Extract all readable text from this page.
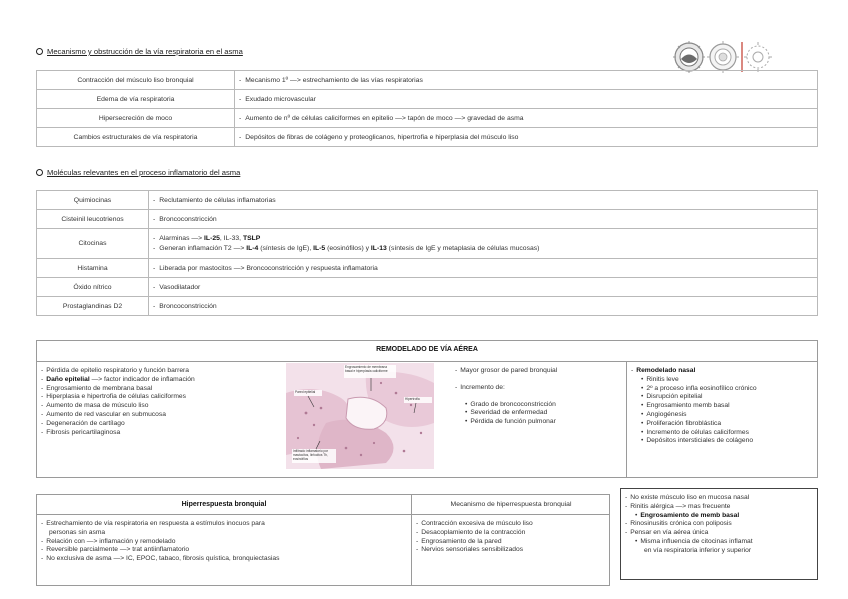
Mecanismo y obstrucción de la vía respiratoria en el asma
Contracción del músculo liso bronquial	- Mecanismo 1º —> estrechamiento de las vías respiratorias
Edema de vía respiratoria	- Exudado microvascular
Hipersecreción de moco	- Aumento de nº de células caliciformes en epitelio —> tapón de moco —> gravedad de asma
Cambios estructurales de vía respiratoria	- Depósitos de fibras de colágeno y proteoglicanos, hipertrofia e hiperplasia del músculo liso
Moléculas relevantes en el proceso inflamatorio del asma
Quimiocinas	- Reclutamiento de células inflamatorias
Cisteinil leucotrienos	- Broncoconstricción
Citocinas	- Alarminas —> IL-25, IL-33, TSLP
- Generan inflamación T2 —> IL-4 (síntesis de IgE), IL-5 (eosinófilos) y IL-13 (síntesis de IgE y metaplasia de células mucosas)

Histamina	- Liberada por mastocitos —> Broncoconstricción y respuesta inflamatoria
Óxido nítrico	- Vasodilatador
Prostaglandinas D2	- Broncoconstricción
REMODELADO DE VÍA AÉREA
- Pérdida de epitelio respiratorio y función barrera
- Daño epitelial —> factor indicador de inflamación
- Engrosamiento de membrana basal
- Hiperplasia e hipertrofia de células caliciformes
- Aumento de masa de músculo liso
- Aumento de red vascular en submucosa
- Degeneración de cartílago
- Fibrosis pericartilaginosa
Engrosamiento de membrana basal e hiperplasia caliciforme
Pared epitelial
Hipertrofia
Infiltrado inflamatorio por mastocitos, linfocitos Th, eosinófilos
- Mayor grosor de pared bronquial
- Incremento de:
• Grado de broncoconstricción
• Severidad de enfermedad
• Pérdida de función pulmonar
- Remodelado nasal
• Rinitis leve
• 2º a proceso infla eosinofílico crónico
• Disrupción epitelial
• Engrosamiento memb basal
• Angiogénesis
• Proliferación fibroblástica
• Incremento de células caliciformes
• Depósitos intersticiales de colágeno
Hiperrespuesta bronquial	Mecanismo de hiperrespuesta bronquial
- Estrechamiento de vía respiratoria en respuesta a estímulos inocuos para
personas sin asma
- Relación con —> inflamación y remodelado
- Reversible parcialmente —> trat antiinflamatorio
- No exclusiva de asma —> IC, EPOC, tabaco, fibrosis quística, bronquiectasias
- Contracción excesiva de músculo liso
- Desacoplamiento de la contracción
- Engrosamiento de la pared
- Nervios sensoriales sensibilizados
- No existe músculo liso en mucosa nasal
- Rinitis alérgica —> mas frecuente
• Engrosamiento de memb basal
- Rinosinusitis crónica con poliposis
- Pensar en vía aérea única
• Misma influencia de citocinas inflamat
en vía respiratoria inferior y superior
